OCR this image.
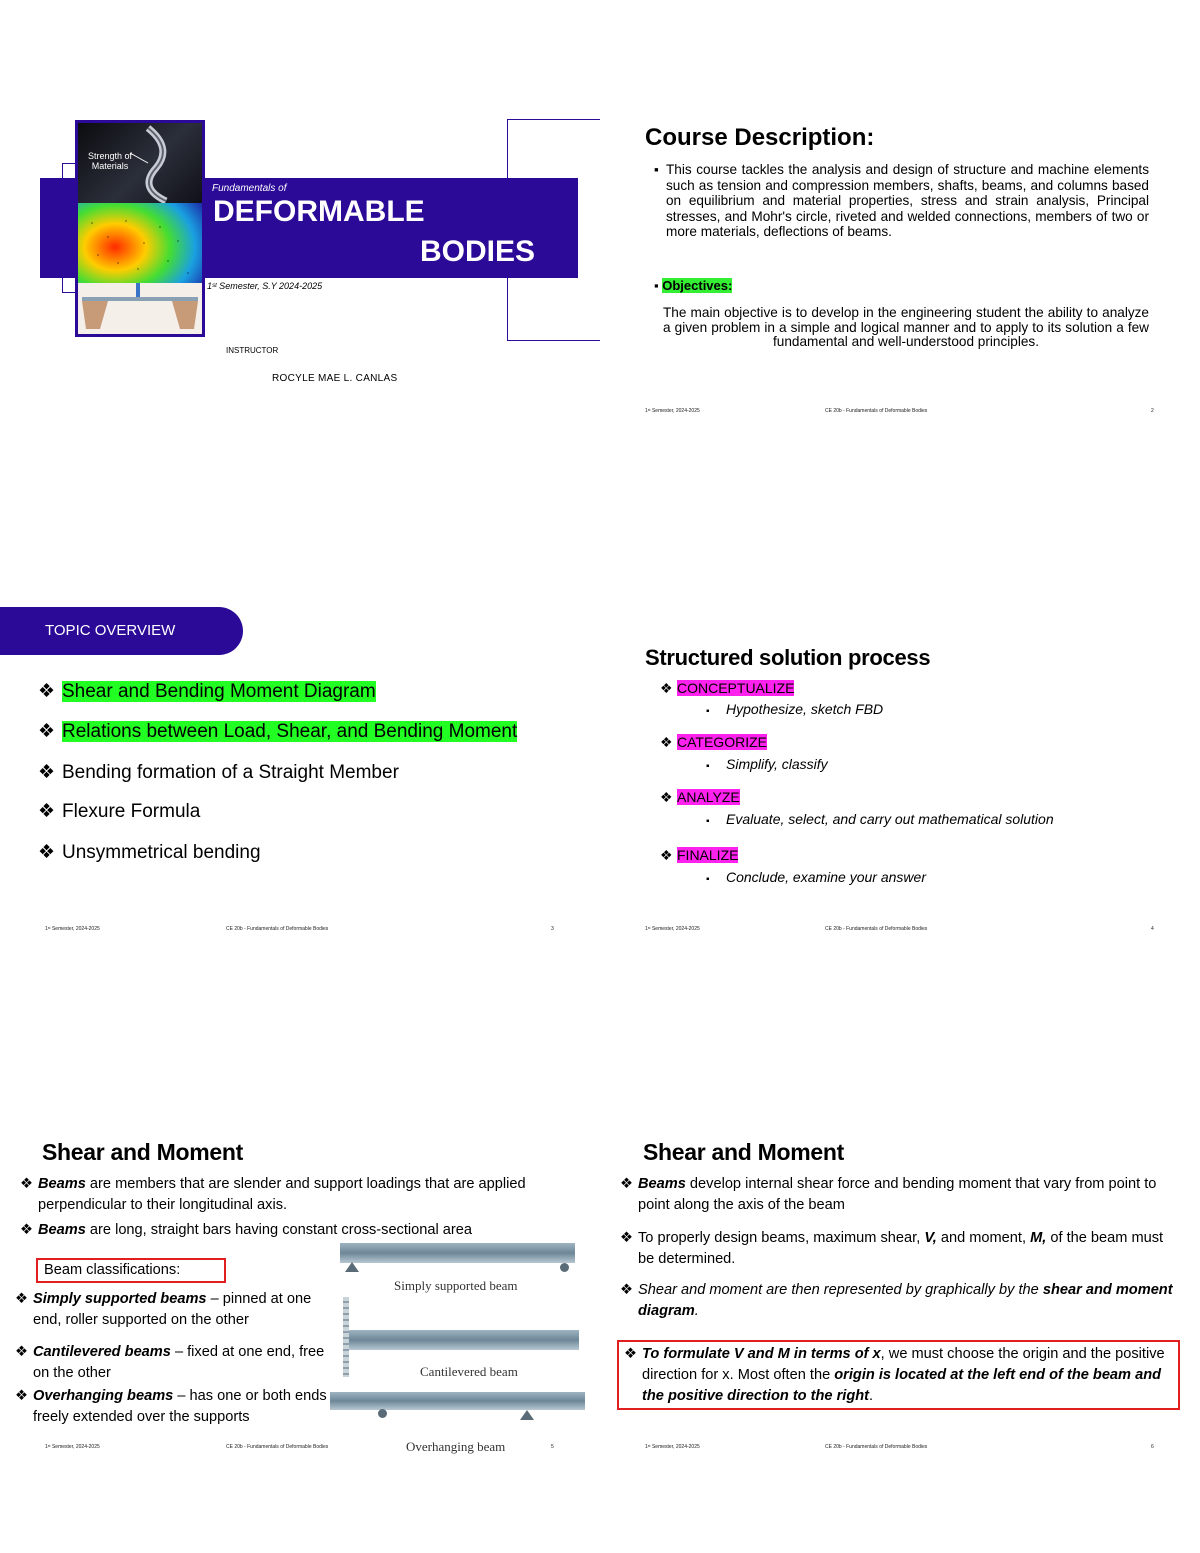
Strength of Materials
Fundamentals of
DEFORMABLE
BODIES
1ˢᵗ Semester, S.Y 2024-2025
INSTRUCTOR
ROCYLE MAE L. CANLAS
Course Description:
▪ This course tackles the analysis and design of structure and machine elements such as tension and compression members, shafts, beams, and columns based on equilibrium and material properties, stress and strain analysis, Principal stresses, and Mohr's circle, riveted and welded connections, members of two or more materials, deflections of beams.
▪ Objectives:
The main objective is to develop in the engineering student the ability to analyze a given problem in a simple and logical manner and to apply to its solution a few fundamental and well-understood principles.
1ˢᵗ Semester, 2024-2025	CE 20b - Fundamentals of Deformable Bodies	2
TOPIC OVERVIEW
❖ Shear and Bending Moment Diagram
❖ Relations between Load, Shear, and Bending Moment
❖ Bending formation of a Straight Member
❖ Flexure Formula
❖ Unsymmetrical bending
1ˢᵗ Semester, 2024-2025	CE 20b - Fundamentals of Deformable Bodies	3
Structured solution process
❖ CONCEPTUALIZE
▪ Hypothesize, sketch FBD
❖ CATEGORIZE
▪ Simplify, classify
❖ ANALYZE
▪ Evaluate, select, and carry out mathematical solution
❖ FINALIZE
▪ Conclude, examine your answer
1ˢᵗ Semester, 2024-2025	CE 20b - Fundamentals of Deformable Bodies	4
Shear and Moment
❖ Beams are members that are slender and support loadings that are applied perpendicular to their longitudinal axis.
❖ Beams are long, straight bars having constant cross-sectional area
Beam classifications:
❖ Simply supported beams – pinned at one end, roller supported on the other
❖ Cantilevered beams – fixed at one end, free on the other
❖ Overhanging beams – has one or both ends freely extended over the supports
Simply supported beam
Cantilevered beam
Overhanging beam
1ˢᵗ Semester, 2024-2025	CE 20b - Fundamentals of Deformable Bodies	5
Shear and Moment
❖ Beams develop internal shear force and bending moment that vary from point to point along the axis of the beam
❖ To properly design beams, maximum shear, V, and moment, M, of the beam must be determined.
❖ Shear and moment are then represented by graphically by the shear and moment diagram.
❖ To formulate V and M in terms of x, we must choose the origin and the positive direction for x. Most often the origin is located at the left end of the beam and the positive direction to the right.
1ˢᵗ Semester, 2024-2025	CE 20b - Fundamentals of Deformable Bodies	6
